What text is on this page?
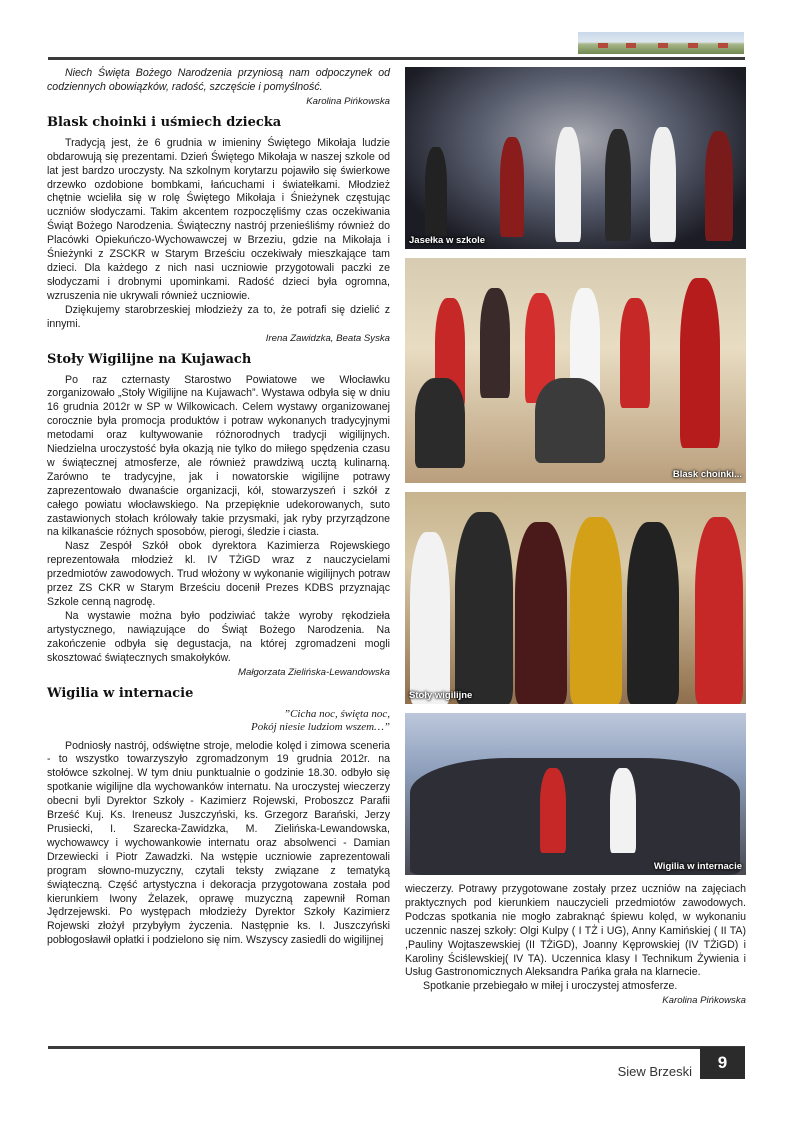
Niech Święta Bożego Narodzenia przyniosą nam odpoczynek od codziennych obowiązków, radość, szczęście i pomyślność.

Karolina Pińkowska
Blask choinki i uśmiech dziecka

Tradycją jest, że 6 grudnia w imieniny Świętego Mikołaja ludzie obdarowują się prezentami. Dzień Świętego Mikołaja w naszej szkole od lat jest bardzo uroczysty. Na szkolnym korytarzu pojawiło się świerkowe drzewko ozdobione bombkami, łańcuchami i światełkami. Młodzież chętnie wcieliła się w rolę Świętego Mikołaja i Śnieżynek częstując uczniów słodyczami. Takim akcentem rozpoczęliśmy czas oczekiwania Świąt Bożego Narodzenia. Świąteczny nastrój przenieśliśmy również do Placówki Opiekuńczo-Wychowawczej w Brzeziu, gdzie na Mikołaja i Śnieżynki z ZSCKR w Starym Brześciu oczekiwały mieszkające tam dzieci. Dla każdego z nich nasi uczniowie przygotowali paczki ze słodyczami i drobnymi upominkami. Radość dzieci była ogromna, wzruszenia nie ukrywali również uczniowie.

Dziękujemy starobrzeskiej młodzieży za to, że potrafi się dzielić z innymi.

Irena Zawidzka, Beata Syska
Stoły Wigilijne na Kujawach

Po raz czternasty Starostwo Powiatowe we Włocławku zorganizowało „Stoły Wigilijne na Kujawach”. Wystawa odbyła się w dniu 16 grudnia 2012r w SP w Wilkowicach. Celem wystawy organizowanej corocznie była promocja produktów i potraw wykonanych tradycyjnymi metodami oraz kultywowanie różnorodnych tradycji wigilijnych. Niedzielna uroczystość była okazją nie tylko do miłego spędzenia czasu w świątecznej atmosferze, ale również prawdziwą ucztą kulinarną. Zarówno te tradycyjne, jak i nowatorskie wigilijne potrawy zaprezentowało dwanaście organizacji, kół, stowarzyszeń i szkół z całego powiatu włocławskiego. Na przepięknie udekorowanych, suto zastawionych stołach królowały takie przysmaki, jak ryby przyrządzone na kilkanaście różnych sposobów, pierogi, śledzie i ciasta.

Nasz Zespół Szkół obok dyrektora Kazimierza Rojewskiego reprezentowała młodzież kl. IV TŻiGD wraz z nauczycielami przedmiotów zawodowych. Trud włożony w wykonanie wigilijnych potraw przez ZS CKR w Starym Brześciu docenił Prezes KDBS przyznając Szkole cenną nagrodę.

Na wystawie można było podziwiać także wyroby rękodzieła artystycznego, nawiązujące do Świąt Bożego Narodzenia. Na zakończenie odbyła się degustacja, na której zgromadzeni mogli skosztować świątecznych smakołyków.

Małgorzata Zielińska-Lewandowska
Wigilia w internacie
”Cicha noc, święta noc,
Pokój niesie ludziom wszem…”

Podniosły nastrój, odświętne stroje, melodie kolęd i zimowa sceneria - to wszystko towarzyszyło zgromadzonym 19 grudnia 2012r. na stołówce szkolnej. W tym dniu punktualnie o godzinie 18.30. odbyło się spotkanie wigilijne dla wychowanków internatu. Na uroczystej wieczerzy obecni byli Dyrektor Szkoły - Kazimierz Rojewski, Proboszcz Parafii Brześć Kuj. Ks. Ireneusz Juszczyński, ks. Grzegorz Barański, Jerzy Prusiecki, I. Szarecka-Zawidzka, M. Zielińska-Lewandowska, wychowawcy i wychowankowie internatu oraz absolwenci - Damian Drzewiecki i Piotr Zawadzki. Na wstępie uczniowie zaprezentowali program słowno-muzyczny, czytali teksty związane z tematyką świąteczną. Część artystyczna i dekoracja przygotowana została pod kierunkiem Iwony Żelazek, oprawę muzyczną zapewnił Roman Jędrzejewski. Po występach młodzieży Dyrektor Szkoły Kazimierz Rojewski złożył przybyłym życzenia. Następnie ks. I. Juszczyński pobłogosławił opłatki i podzielono się nim. Wszyscy zasiedli do wigilijnej

Jasełka w szkole
Blask choinki...
Stoły wigilijne
Wigilia w internacie

wieczerzy. Potrawy przygotowane zostały przez uczniów na zajęciach praktycznych pod kierunkiem nauczycieli przedmiotów zawodowych. Podczas spotkania nie mogło zabraknąć śpiewu kolęd, w wykonaniu uczennic naszej szkoły: Olgi Kulpy ( I TŻ i UG), Anny Kamińskiej ( II TA) ,Pauliny Wojtaszewskiej (II TŻiGD), Joanny Kęprowskiej (IV TŻiGD) i Karoliny Ściślewskiej( IV TA). Uczennica klasy I Technikum Żywienia i Usług Gastronomicznych Aleksandra Pańka grała na klarnecie.

Spotkanie przebiegało w miłej i uroczystej atmosferze.

Karolina Pińkowska
Siew Brzeski	9
